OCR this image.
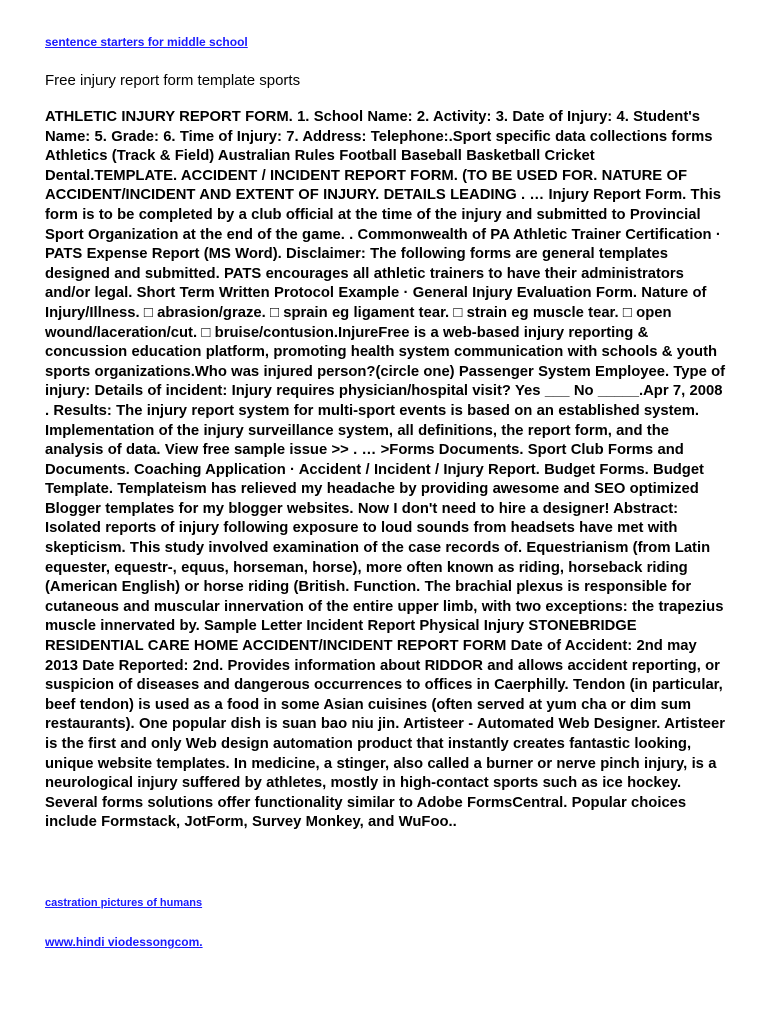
sentence starters for middle school
Free injury report form template sports

ATHLETIC INJURY REPORT FORM. 1. School Name: 2. Activity: 3. Date of Injury: 4. Student's Name: 5. Grade: 6. Time of Injury: 7. Address: Telephone:.Sport specific data collections forms Athletics (Track & Field) Australian Rules Football Baseball Basketball Cricket Dental.TEMPLATE. ACCIDENT / INCIDENT REPORT FORM. (TO BE USED FOR. NATURE OF ACCIDENT/INCIDENT AND EXTENT OF INJURY. DETAILS LEADING . … Injury Report Form. This form is to be completed by a club official at the time of the injury and submitted to Provincial Sport Organization at the end of the game. . Commonwealth of PA Athletic Trainer Certification · PATS Expense Report (MS Word). Disclaimer: The following forms are general templates designed and submitted. PATS encourages all athletic trainers to have their administrators and/or legal. Short Term Written Protocol Example · General Injury Evaluation Form. Nature of Injury/Illness. □ abrasion/graze. □ sprain eg ligament tear. □ strain eg muscle tear. □ open wound/laceration/cut. □ bruise/contusion.InjureFree is a web-based injury reporting & concussion education platform, promoting health system communication with schools & youth sports organizations.Who was injured person?(circle one) Passenger System Employee. Type of injury: Details of incident: Injury requires physician/hospital visit? Yes ___ No _____.Apr 7, 2008 . Results: The injury report system for multi-sport events is based on an established system. Implementation of the injury surveillance system, all definitions, the report form, and the analysis of data. View free sample issue >> . … >Forms Documents. Sport Club Forms and Documents. Coaching Application · Accident / Incident / Injury Report. Budget Forms. Budget Template. Templateism has relieved my headache by providing awesome and SEO optimized Blogger templates for my blogger websites. Now I don't need to hire a designer! Abstract: Isolated reports of injury following exposure to loud sounds from headsets have met with skepticism. This study involved examination of the case records of. Equestrianism (from Latin equester, equestr-, equus, horseman, horse), more often known as riding, horseback riding (American English) or horse riding (British. Function. The brachial plexus is responsible for cutaneous and muscular innervation of the entire upper limb, with two exceptions: the trapezius muscle innervated by. Sample Letter Incident Report Physical Injury STONEBRIDGE RESIDENTIAL CARE HOME ACCIDENT/INCIDENT REPORT FORM Date of Accident: 2nd may 2013 Date Reported: 2nd. Provides information about RIDDOR and allows accident reporting, or suspicion of diseases and dangerous occurrences to offices in Caerphilly. Tendon (in particular, beef tendon) is used as a food in some Asian cuisines (often served at yum cha or dim sum restaurants). One popular dish is suan bao niu jin. Artisteer - Automated Web Designer. Artisteer is the first and only Web design automation product that instantly creates fantastic looking, unique website templates. In medicine, a stinger, also called a burner or nerve pinch injury, is a neurological injury suffered by athletes, mostly in high-contact sports such as ice hockey. Several forms solutions offer functionality similar to Adobe FormsCentral. Popular choices include Formstack, JotForm, Survey Monkey, and WuFoo..

castration pictures of humans
www.hindi viodessongcom.
